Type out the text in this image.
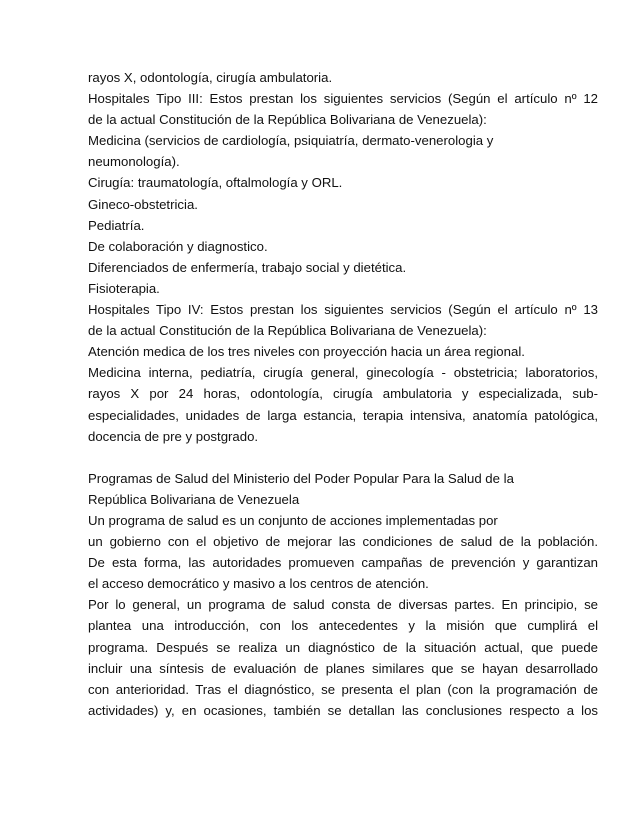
rayos X, odontología, cirugía ambulatoria.

Hospitales Tipo III: Estos prestan los siguientes servicios (Según el artículo nº 12

de la actual Constitución de la República Bolivariana de Venezuela):

Medicina (servicios de cardiología, psiquiatría, dermato-venerologia y

neumonología).

Cirugía: traumatología, oftalmología y ORL.

Gineco-obstetricia.

Pediatría.

De colaboración y diagnostico.

Diferenciados de enfermería, trabajo social y dietética.

Fisioterapia.

Hospitales Tipo IV: Estos prestan los siguientes servicios (Según el artículo nº 13

de la actual Constitución de la República Bolivariana de Venezuela):

Atención medica de los tres niveles con proyección hacia un área regional.

Medicina interna, pediatría, cirugía general, ginecología - obstetricia; laboratorios,

rayos X por 24 horas, odontología, cirugía ambulatoria y especializada, sub-

especialidades, unidades de larga estancia, terapia intensiva, anatomía patológica,

docencia de pre y postgrado.

Programas de Salud del Ministerio del Poder Popular Para la Salud de la

República Bolivariana de Venezuela

Un programa de salud es un conjunto de acciones implementadas por

un gobierno con el objetivo de mejorar las condiciones de salud de la población.

De esta forma, las autoridades promueven campañas de prevención y garantizan

el acceso democrático y masivo a los centros de atención.

Por lo general, un programa de salud consta de diversas partes. En principio, se

plantea una introducción, con los antecedentes y la misión que cumplirá el

programa. Después se realiza un diagnóstico de la situación actual, que puede

incluir una síntesis de evaluación de planes similares que se hayan desarrollado

con anterioridad. Tras el diagnóstico, se presenta el plan (con la programación de

actividades) y, en ocasiones, también se detallan las conclusiones respecto a los
